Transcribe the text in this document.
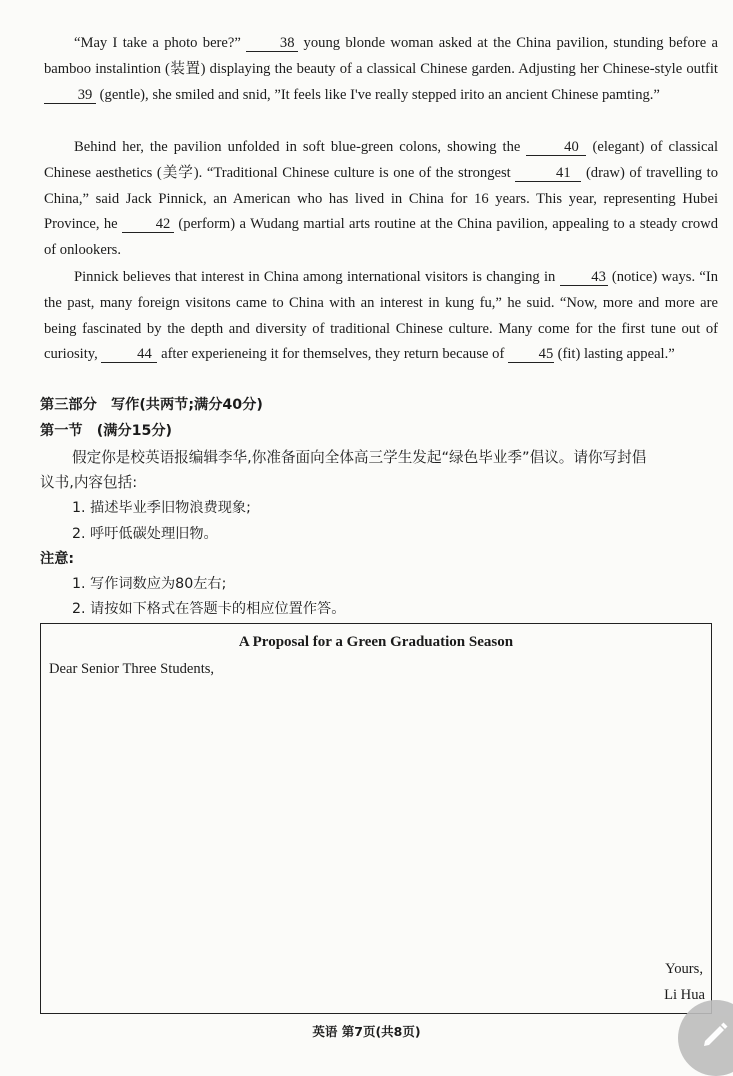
“May I take a photo bere?”	38 young blonde woman asked at the China pavilion, stunding before a bamboo instalintion (装置) displaying the beauty of a classical Chinese garden. Adjusting her Chinese-style outfit 39 (gentle), she smiled and snid, ”It feels like I've really stepped irito an ancient Chinese pamting.”

Behind her, the pavilion unfolded in soft blue-green colons, showing the	40 (elegant) of classical Chinese aesthetics (美学). “Traditional Chinese culture is one of the strongest	41 (draw) of travelling to China,” said Jack Pinnick, an American who has lived in China for 16 years. This year, representing Hubei Province, he	42 (perform) a Wudang martial arts routine at the China pavilion, appealing to a steady crowd of onlookers.

Pinnick believes that interest in China among international visitors is changing in 43 (notice) ways. “In the past, many foreign visitons came to China with an interest in kung fu,” he suid. “Now, more and more are being fascinated by the depth and diversity of traditional Chinese culture. Many come for the first tune out of curiosity,	44 after experieneing it for themselves, they return because of 45 (fit) lasting appeal.”

第三部分　写作(共两节;满分40分)
第一节　(满分15分)
假定你是校英语报编辑李华,你准备面向全体高三学生发起“绿色毕业季”倡议。请你写封倡
议书,内容包括:
1. 描述毕业季旧物浪费现象;
2. 呼吁低碳处理旧物。
注意:
1. 写作词数应为80左右;
2. 请按如下格式在答题卡的相应位置作答。
A Proposal for a Green Graduation Season
Dear Senior Three Students,
Yours,
Li Hua
英语 第7页(共8页)
